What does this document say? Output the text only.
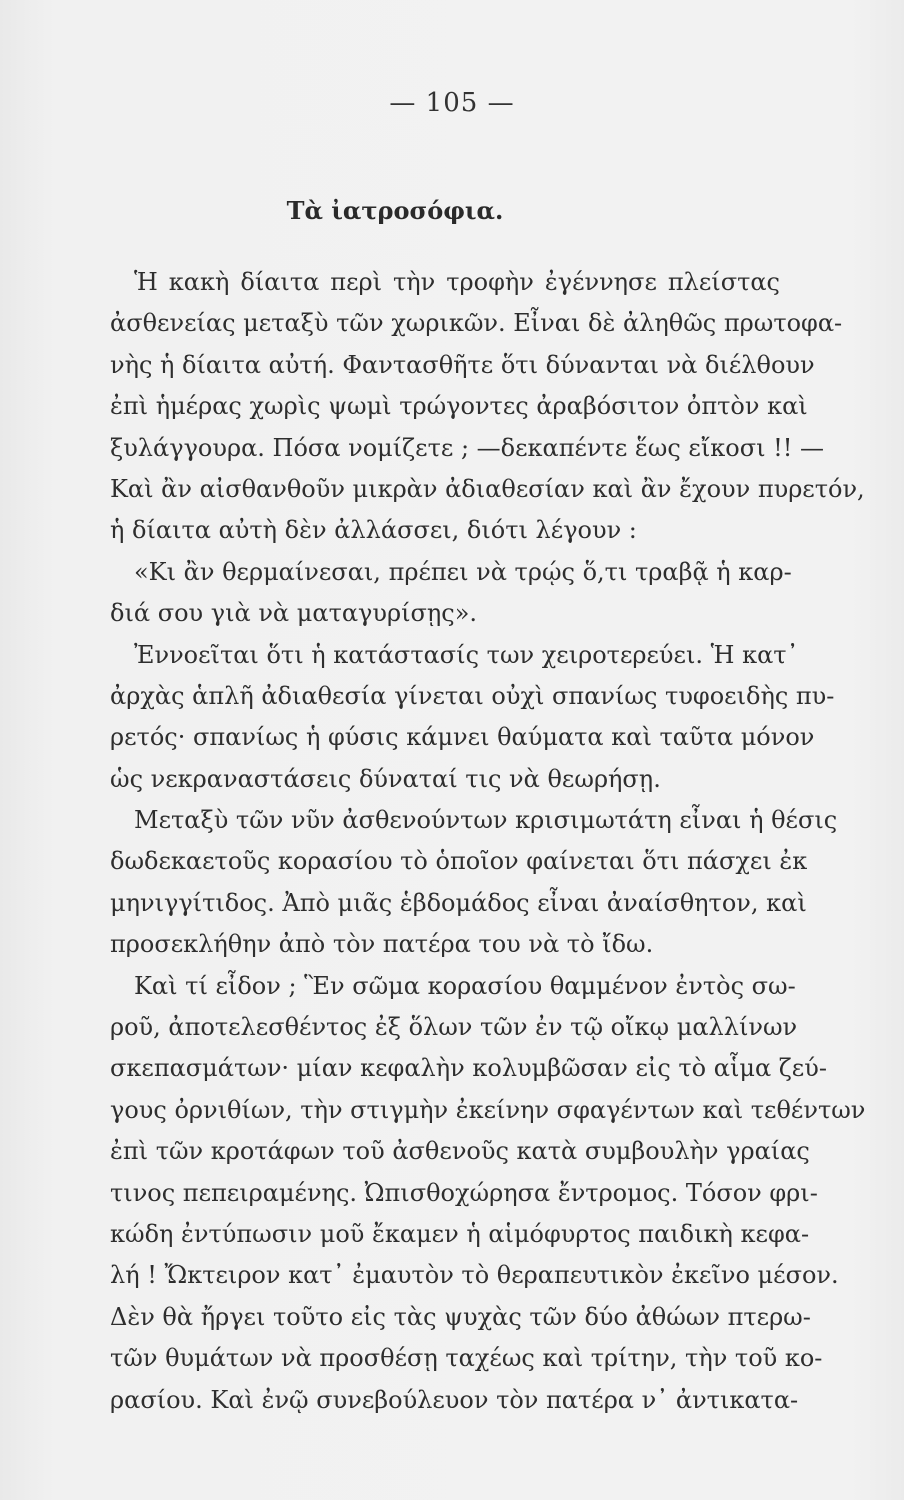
— 105 —
Τὰ ἰατροσόφια.
Ἡ κακὴ δίαιτα περὶ τὴν τροφὴν ἐγέννησε πλείστας
ἀσθενείας μεταξὺ τῶν χωρικῶν. Εἶναι δὲ ἀληθῶς πρωτοφα-
νὴς ἡ δίαιτα αὐτή. Φαντασθῆτε ὅτι δύνανται νὰ διέλθουν
ἐπὶ ἡμέρας χωρὶς ψωμὶ τρώγοντες ἀραβόσιτον ὀπτὸν καὶ
ξυλάγγουρα. Πόσα νομίζετε ; —δεκαπέντε ἕως εἴκοσι !! —
Καὶ ἂν αἰσθανθοῦν μικρὰν ἀδιαθεσίαν καὶ ἂν ἔχουν πυρετόν,
ἡ δίαιτα αὐτὴ δὲν ἀλλάσσει, διότι λέγουν :
«Κι ἂν θερμαίνεσαι, πρέπει νὰ τρῴς ὅ,τι τραβᾷ ἡ καρ-
διά σου γιὰ νὰ ματαγυρίσῃς».
Ἐννοεῖται ὅτι ἡ κατάστασίς των χειροτερεύει. Ἡ κατ᾽
ἀρχὰς ἁπλῆ ἀδιαθεσία γίνεται οὐχὶ σπανίως τυφοειδὴς πυ-
ρετός· σπανίως ἡ φύσις κάμνει θαύματα καὶ ταῦτα μόνον
ὡς νεκραναστάσεις δύναταί τις νὰ θεωρήσῃ.
Μεταξὺ τῶν νῦν ἀσθενούντων κρισιμωτάτη εἶναι ἡ θέσις
δωδεκαετοῦς κορασίου τὸ ὁποῖον φαίνεται ὅτι πάσχει ἐκ
μηνιγγίτιδος. Ἀπὸ μιᾶς ἑβδομάδος εἶναι ἀναίσθητον, καὶ
προσεκλήθην ἀπὸ τὸν πατέρα του νὰ τὸ ἴδω.
Καὶ τί εἶδον ; Ἓν σῶμα κορασίου θαμμένον ἐντὸς σω-
ροῦ, ἀποτελεσθέντος ἐξ ὅλων τῶν ἐν τῷ οἴκῳ μαλλίνων
σκεπασμάτων· μίαν κεφαλὴν κολυμβῶσαν εἰς τὸ αἷμα ζεύ-
γους ὀρνιθίων, τὴν στιγμὴν ἐκείνην σφαγέντων καὶ τεθέντων
ἐπὶ τῶν κροτάφων τοῦ ἀσθενοῦς κατὰ συμβουλὴν γραίας
τινος πεπειραμένης. Ὠπισθοχώρησα ἔντρομος. Τόσον φρι-
κώδη ἐντύπωσιν μοῦ ἔκαμεν ἡ αἱμόφυρτος παιδικὴ κεφα-
λή ! Ὤκτειρον κατ᾽ ἐμαυτὸν τὸ θεραπευτικὸν ἐκεῖνο μέσον.
Δὲν θὰ ἤργει τοῦτο εἰς τὰς ψυχὰς τῶν δύο ἀθώων πτερω-
τῶν θυμάτων νὰ προσθέσῃ ταχέως καὶ τρίτην, τὴν τοῦ κο-
ρασίου. Καὶ ἐνῷ συνεβούλευον τὸν πατέρα ν᾽ ἀντικατα-
